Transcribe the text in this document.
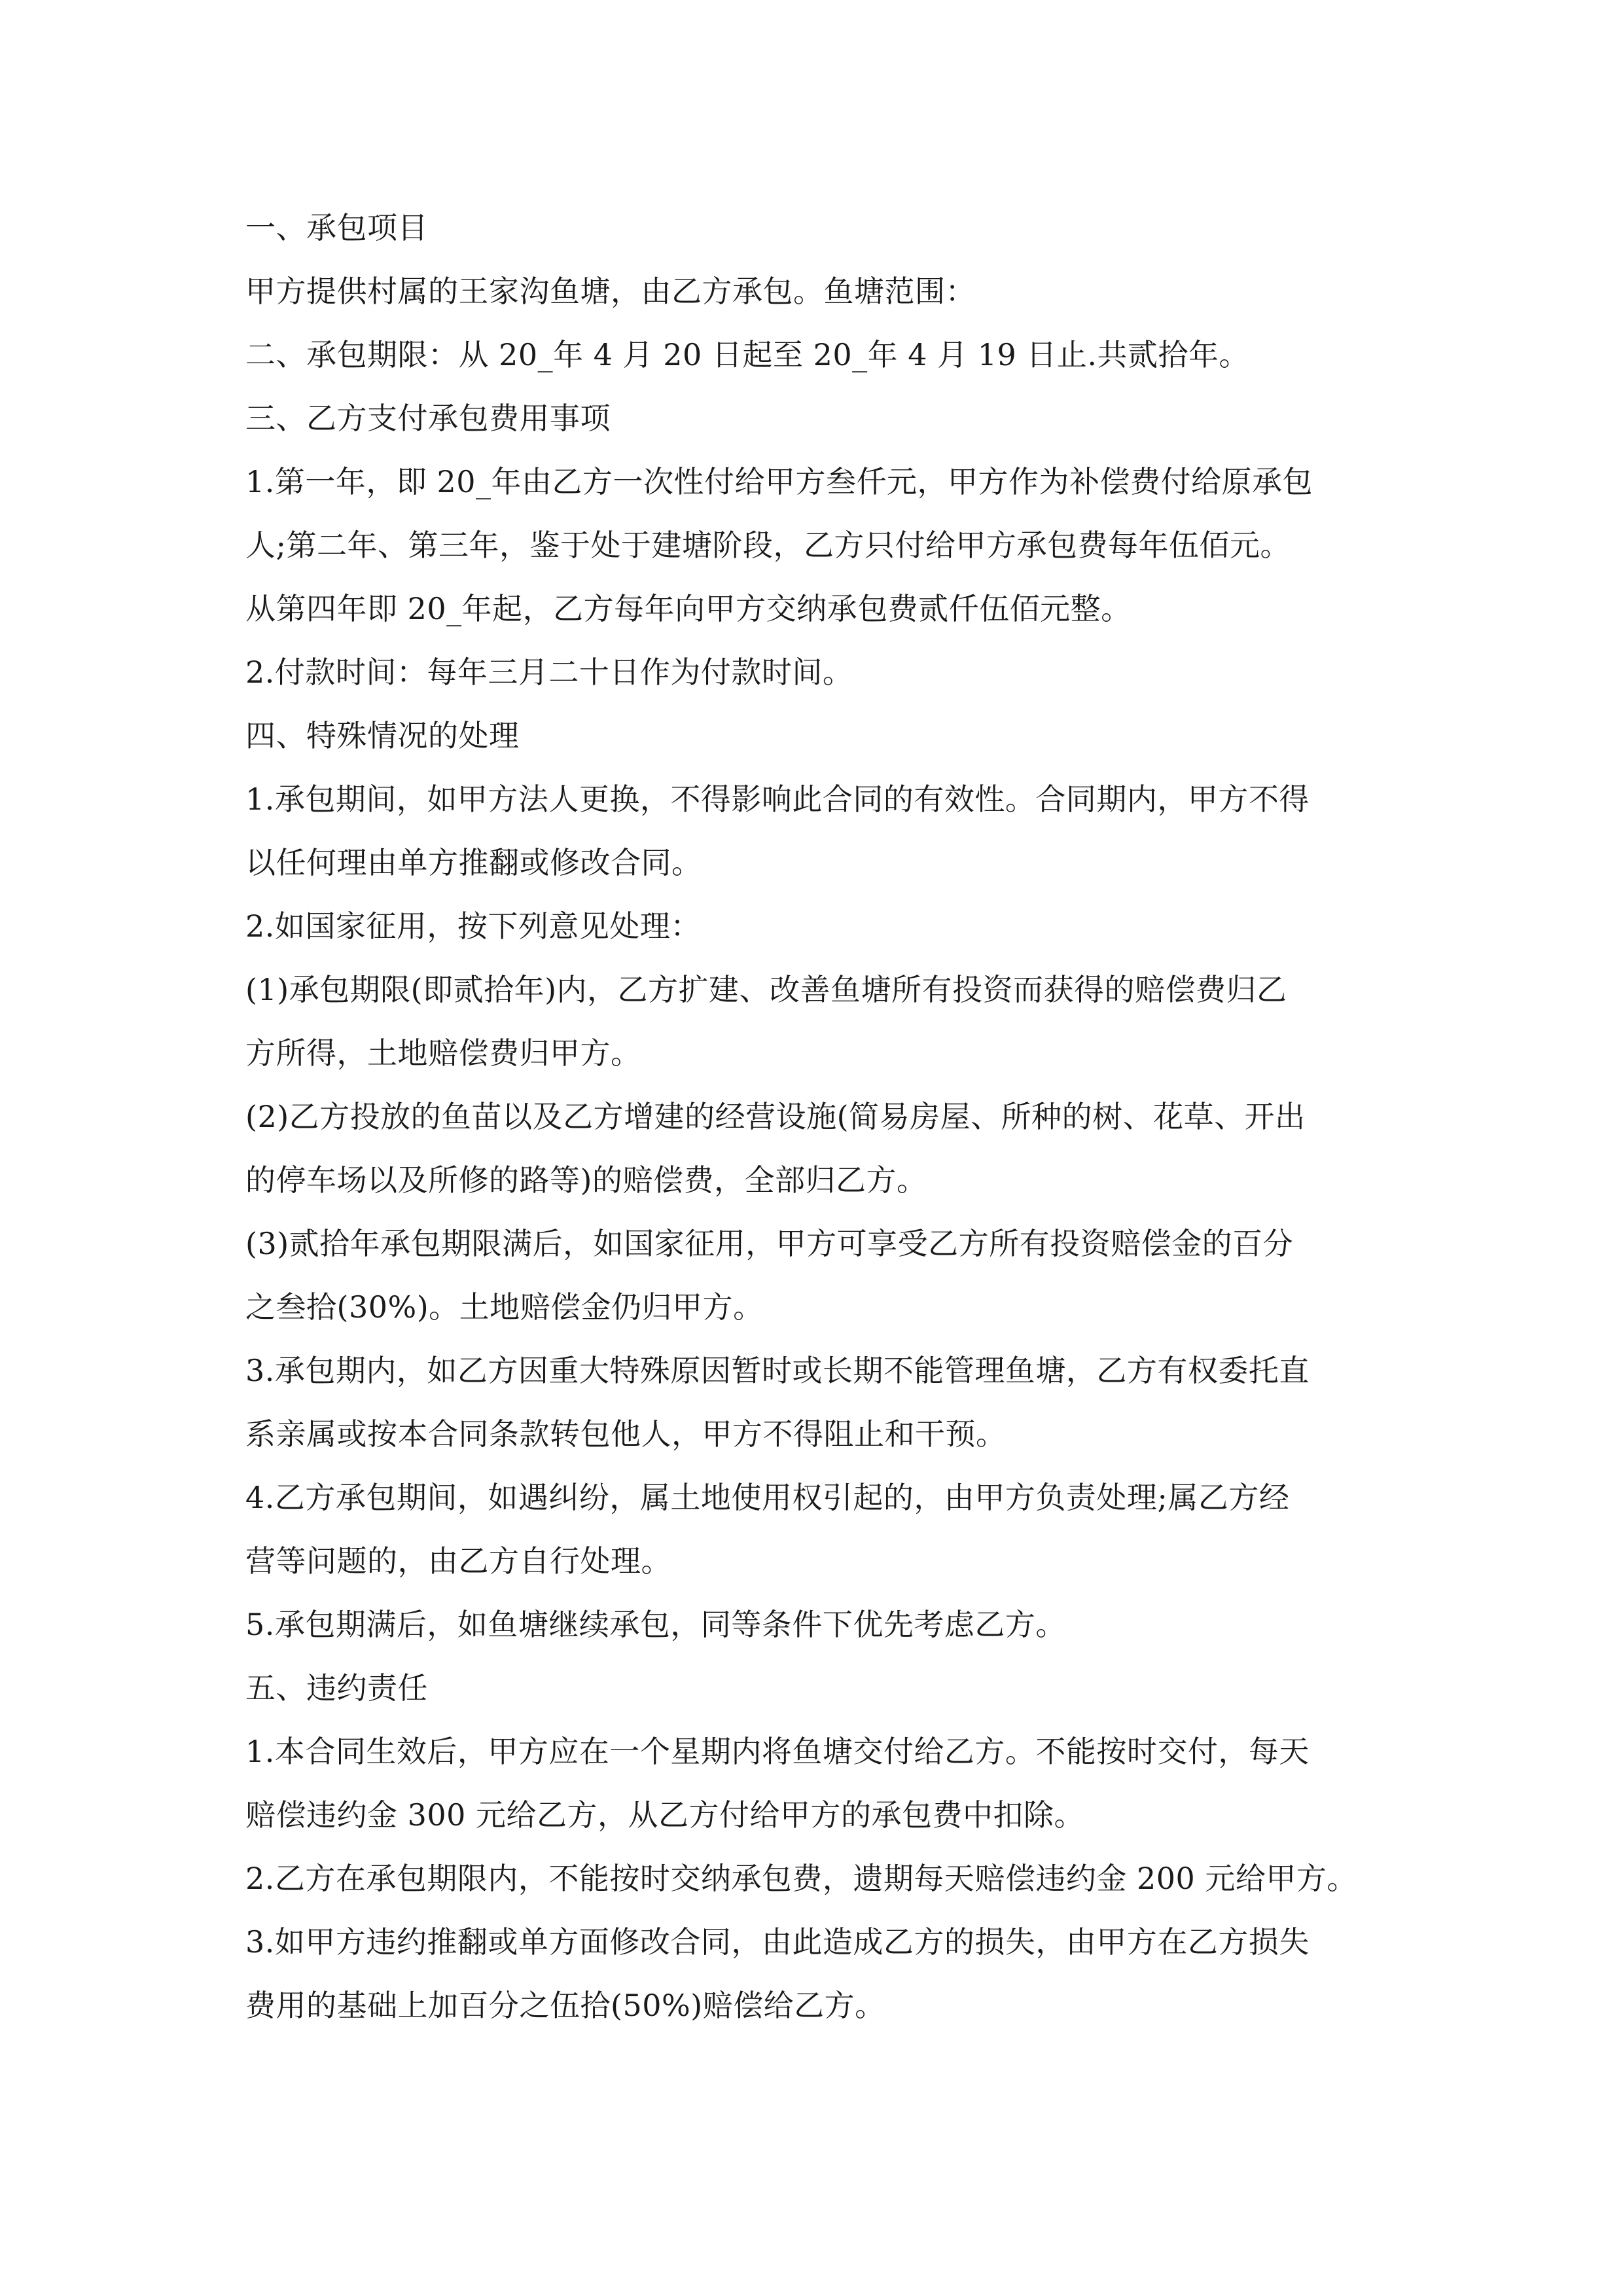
一、承包项目
甲方提供村属的王家沟鱼塘，由乙方承包。鱼塘范围：
二、承包期限：从 20_年 4 月 20 日起至 20_年 4 月 19 日止.共贰拾年。
三、乙方支付承包费用事项
1.第一年，即 20_年由乙方一次性付给甲方叁仟元，甲方作为补偿费付给原承包
人;第二年、第三年，鉴于处于建塘阶段，乙方只付给甲方承包费每年伍佰元。
从第四年即 20_年起，乙方每年向甲方交纳承包费贰仟伍佰元整。
2.付款时间：每年三月二十日作为付款时间。
四、特殊情况的处理
1.承包期间，如甲方法人更换，不得影响此合同的有效性。合同期内，甲方不得
以任何理由单方推翻或修改合同。
2.如国家征用，按下列意见处理：
(1)承包期限(即贰拾年)内，乙方扩建、改善鱼塘所有投资而获得的赔偿费归乙
方所得，土地赔偿费归甲方。
(2)乙方投放的鱼苗以及乙方增建的经营设施(简易房屋、所种的树、花草、开出
的停车场以及所修的路等)的赔偿费，全部归乙方。
(3)贰拾年承包期限满后，如国家征用，甲方可享受乙方所有投资赔偿金的百分
之叁拾(30%)。土地赔偿金仍归甲方。
3.承包期内，如乙方因重大特殊原因暂时或长期不能管理鱼塘，乙方有权委托直
系亲属或按本合同条款转包他人，甲方不得阻止和干预。
4.乙方承包期间，如遇纠纷，属土地使用权引起的，由甲方负责处理;属乙方经
营等问题的，由乙方自行处理。
5.承包期满后，如鱼塘继续承包，同等条件下优先考虑乙方。
五、违约责任
1.本合同生效后，甲方应在一个星期内将鱼塘交付给乙方。不能按时交付，每天
赔偿违约金 300 元给乙方，从乙方付给甲方的承包费中扣除。
2.乙方在承包期限内，不能按时交纳承包费，遗期每天赔偿违约金 200 元给甲方。
3.如甲方违约推翻或单方面修改合同，由此造成乙方的损失，由甲方在乙方损失
费用的基础上加百分之伍拾(50%)赔偿给乙方。
